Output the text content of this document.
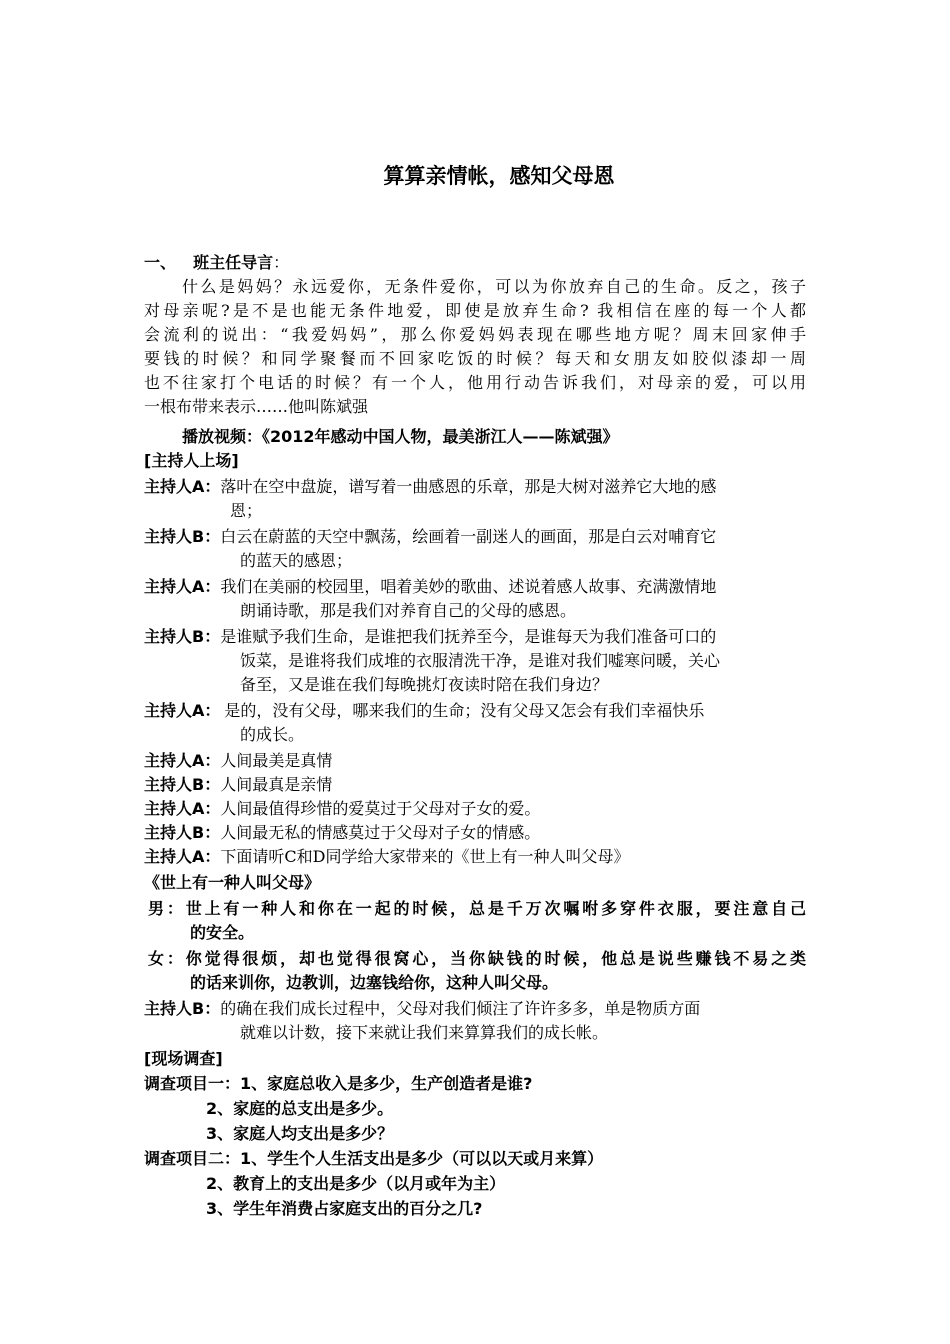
算算亲情帐，感知父母恩
一、 班主任导言：
什么是妈妈？永远爱你，无条件爱你，可以为你放弃自己的生命。反之，孩子
对母亲呢?是不是也能无条件地爱，即使是放弃生命? 我相信在座的每一个人都
会流利的说出：“我爱妈妈”，那么你爱妈妈表现在哪些地方呢？周末回家伸手
要钱的时候？和同学聚餐而不回家吃饭的时候？每天和女朋友如胶似漆却一周
也不往家打个电话的时候？有一个人，他用行动告诉我们，对母亲的爱，可以用
一根布带来表示……他叫陈斌强
播放视频：《2012年感动中国人物，最美浙江人——陈斌强》
[主持人上场]
主持人A：落叶在空中盘旋，谱写着一曲感恩的乐章，那是大树对滋养它大地的感
恩；
主持人B：白云在蔚蓝的天空中飘荡，绘画着一副迷人的画面，那是白云对哺育它
的蓝天的感恩；
主持人A：我们在美丽的校园里，唱着美妙的歌曲、述说着感人故事、充满激情地
朗诵诗歌，那是我们对养育自己的父母的感恩。
主持人B：是谁赋予我们生命，是谁把我们抚养至今，是谁每天为我们准备可口的
饭菜，是谁将我们成堆的衣服清洗干净，是谁对我们嘘寒问暖，关心
备至，又是谁在我们每晚挑灯夜读时陪在我们身边？
主持人A： 是的，没有父母，哪来我们的生命；没有父母又怎会有我们幸福快乐
的成长。
主持人A：人间最美是真情
主持人B：人间最真是亲情
主持人A：人间最值得珍惜的爱莫过于父母对子女的爱。
主持人B：人间最无私的情感莫过于父母对子女的情感。
主持人A：下面请听C和D同学给大家带来的《世上有一种人叫父母》
《世上有一种人叫父母》
男：世上有一种人和你在一起的时候，总是千万次嘱咐多穿件衣服，要注意自己
的安全。
女：你觉得很烦，却也觉得很窝心，当你缺钱的时候，他总是说些赚钱不易之类
的话来训你，边教训，边塞钱给你，这种人叫父母。
主持人B：的确在我们成长过程中，父母对我们倾注了许许多多，单是物质方面
就难以计数，接下来就让我们来算算我们的成长帐。
[现场调查]
调查项目一：1、家庭总收入是多少，生产创造者是谁?
2、家庭的总支出是多少。
3、家庭人均支出是多少？
调查项目二：1、学生个人生活支出是多少（可以以天或月来算）
2、教育上的支出是多少（以月或年为主）
3、学生年消费占家庭支出的百分之几?
